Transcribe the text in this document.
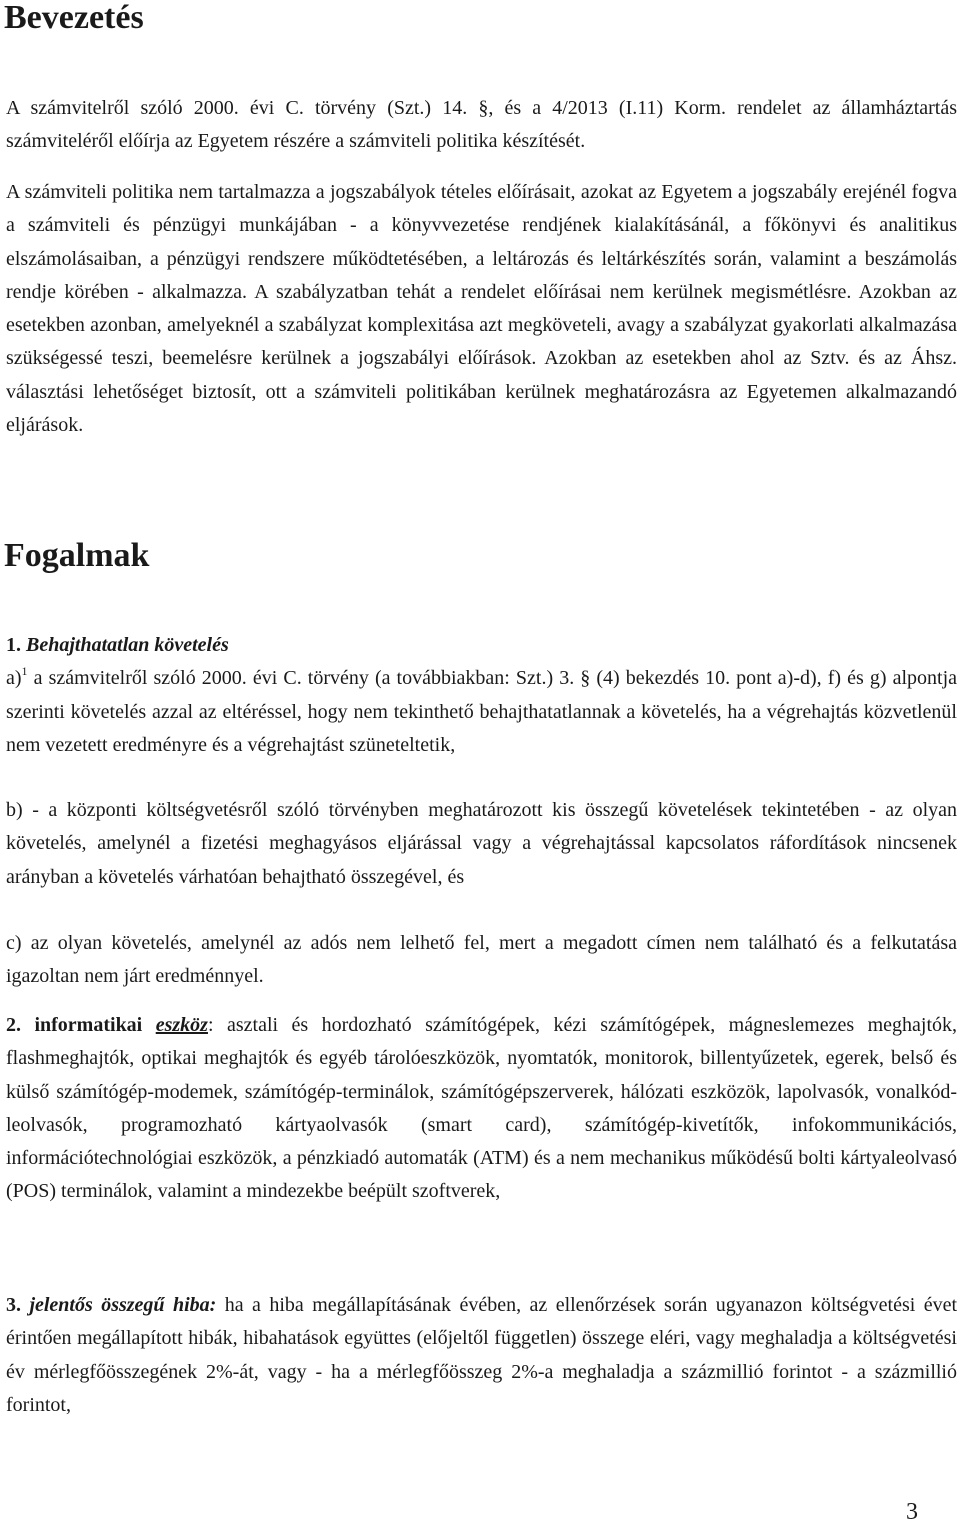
Bevezetés

A számvitelről szóló 2000. évi C. törvény (Szt.) 14. §, és a 4/2013 (I.11) Korm. rendelet az államháztartás számviteléről előírja az Egyetem részére a számviteli politika készítését.

A számviteli politika nem tartalmazza a jogszabályok tételes előírásait, azokat az Egyetem a jogszabály erejénél fogva a számviteli és pénzügyi munkájában - a könyvvezetése rendjének kialakításánál, a főkönyvi és analitikus elszámolásaiban, a pénzügyi rendszere működtetésében, a leltározás és leltárkészítés során, valamint a beszámolás rendje körében - alkalmazza. A szabályzatban tehát a rendelet előírásai nem kerülnek megismétlésre. Azokban az esetekben azonban, amelyeknél a szabályzat komplexitása azt megköveteli, avagy a szabályzat gyakorlati alkalmazása szükségessé teszi, beemelésre kerülnek a jogszabályi előírások. Azokban az esetekben ahol az Sztv. és az Áhsz. választási lehetőséget biztosít, ott a számviteli politikában kerülnek meghatározásra az Egyetemen alkalmazandó eljárások.

Fogalmak

1. Behajthatatlan követelés
a)$^1$ a számvitelről szóló 2000. évi C. törvény (a továbbiakban: Szt.) 3. § (4) bekezdés 10. pont a)-d), f) és g) alpontja szerinti követelés azzal az eltéréssel, hogy nem tekinthető behajthatatlannak a követelés, ha a végrehajtás közvetlenül nem vezetett eredményre és a végrehajtást szüneteltetik,

b) - a központi költségvetésről szóló törvényben meghatározott kis összegű követelések tekintetében - az olyan követelés, amelynél a fizetési meghagyásos eljárással vagy a végrehajtással kapcsolatos ráfordítások nincsenek arányban a követelés várhatóan behajtható összegével, és

c) az olyan követelés, amelynél az adós nem lelhető fel, mert a megadott címen nem található és a felkutatása igazoltan nem járt eredménnyel.

2. informatikai eszköz: asztali és hordozható számítógépek, kézi számítógépek, mágneslemezes meghajtók, flashmeghajtók, optikai meghajtók és egyéb tárolóeszközök, nyomtatók, monitorok, billentyűzetek, egerek, belső és külső számítógép-modemek, számítógép-terminálok, számítógépszerverek, hálózati eszközök, lapolvasók, vonalkód-leolvasók, programozható kártyaolvasók (smart card), számítógép-kivetítők, infokommunikációs, információtechnológiai eszközök, a pénzkiadó automaták (ATM) és a nem mechanikus működésű bolti kártyaleolvasó (POS) terminálok, valamint a mindezekbe beépült szoftverek,

3. jelentős összegű hiba: ha a hiba megállapításának évében, az ellenőrzések során ugyanazon költségvetési évet érintően megállapított hibák, hibahatások együttes (előjeltől független) összege eléri, vagy meghaladja a költségvetési év mérlegfőösszegének 2%-át, vagy - ha a mérlegfőösszeg 2%-a meghaladja a százmillió forintot - a százmillió forintot,

3
